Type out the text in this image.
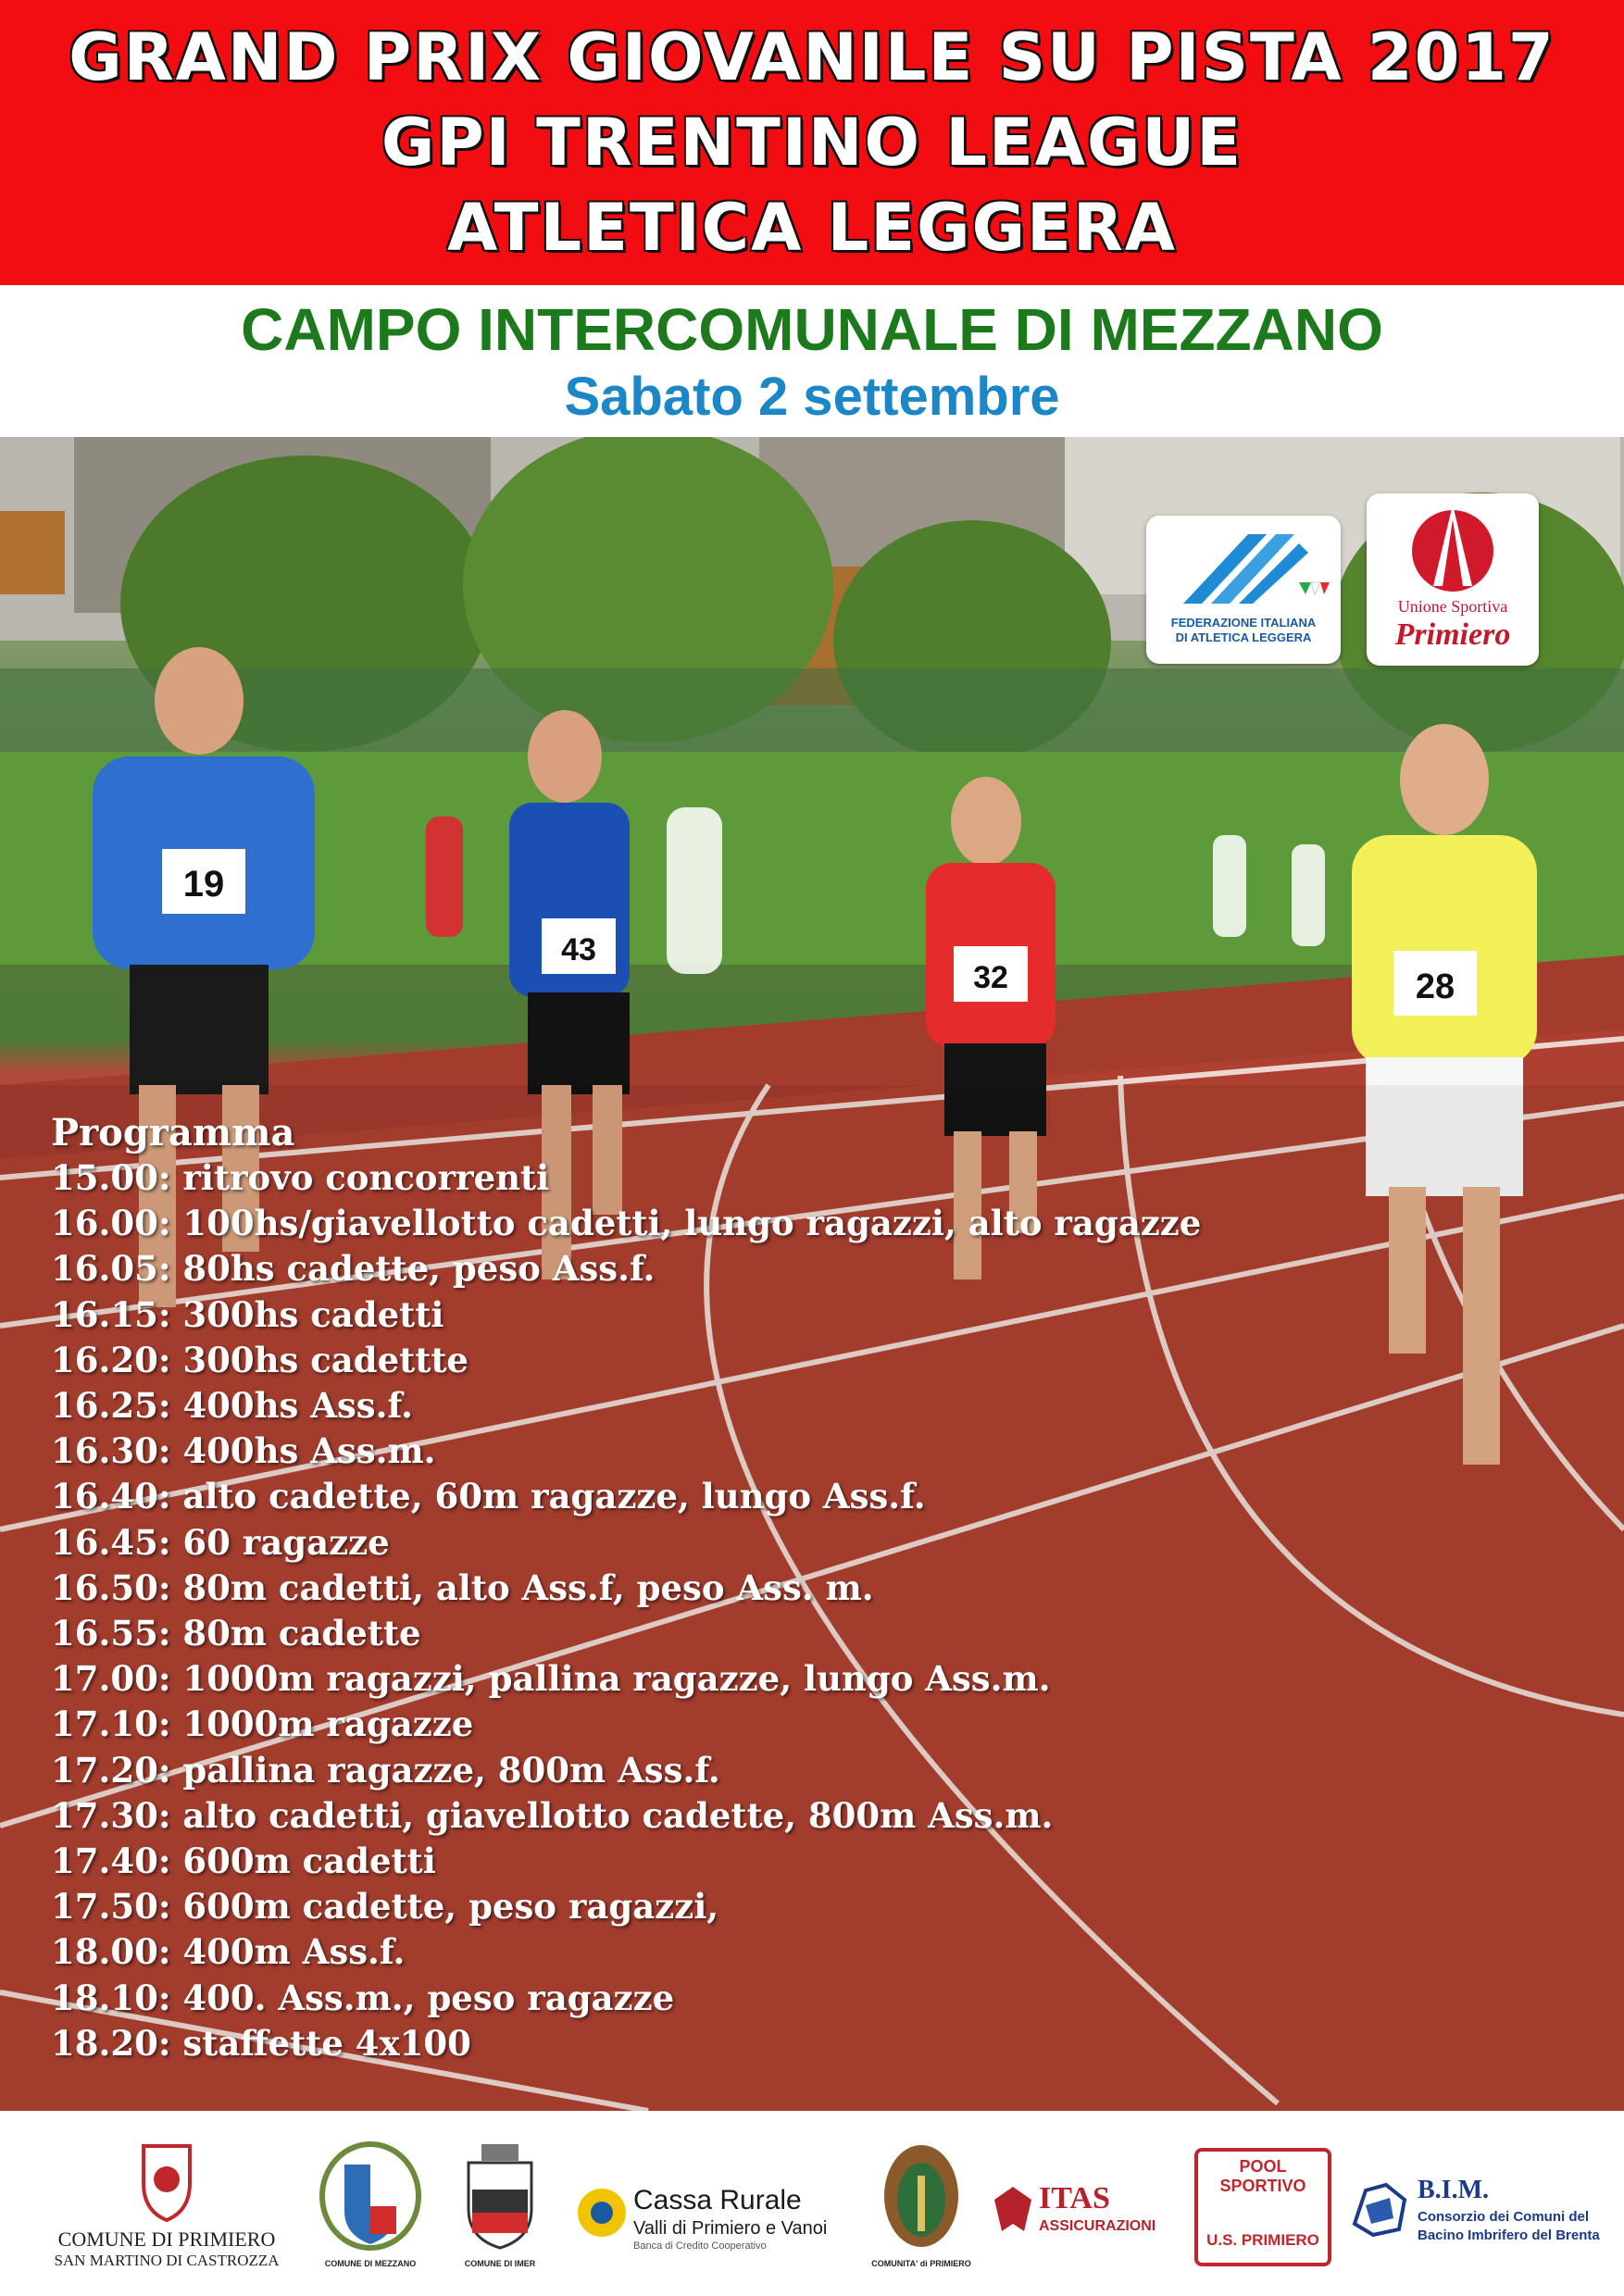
GRAND PRIX GIOVANILE SU PISTA 2017
GPI TRENTINO LEAGUE
ATLETICA LEGGERA
CAMPO INTERCOMUNALE DI MEZZANO
Sabato 2 settembre
19
43
32	28
FEDERAZIONE ITALIANA
DI ATLETICA LEGGERA
Unione Sportiva
Primiero
Programma
15.00: ritrovo concorrenti
16.00: 100hs/giavellotto cadetti, lungo ragazzi, alto ragazze
16.05: 80hs cadette, peso Ass.f.
16.15: 300hs cadetti
16.20: 300hs cadettte
16.25: 400hs Ass.f.
16.30: 400hs Ass.m.
16.40: alto cadette, 60m ragazze, lungo Ass.f.
16.45: 60 ragazze
16.50: 80m cadetti, alto Ass.f, peso Ass. m.
16.55: 80m cadette
17.00: 1000m ragazzi, pallina ragazze, lungo Ass.m.
17.10: 1000m ragazze
17.20: pallina ragazze, 800m Ass.f.
17.30: alto cadetti, giavellotto cadette, 800m Ass.m.
17.40: 600m cadetti
17.50: 600m cadette, peso ragazzi,
18.00: 400m Ass.f.
18.10: 400. Ass.m., peso ragazze
18.20: staffette 4x100
COMUNE DI PRIMIERO
SAN MARTINO DI CASTROZZA	COMUNE DI MEZZANO	COMUNE DI IMER
Cassa Rurale
Valli di Primiero e Vanoi
Banca di Credito Cooperativo
COMUNITA' di PRIMIERO
ITAS
ASSICURAZIONI
POOL SPORTIVO
U.S. PRIMIERO
B.I.M.
Consorzio dei Comuni del
Bacino Imbrifero del Brenta
